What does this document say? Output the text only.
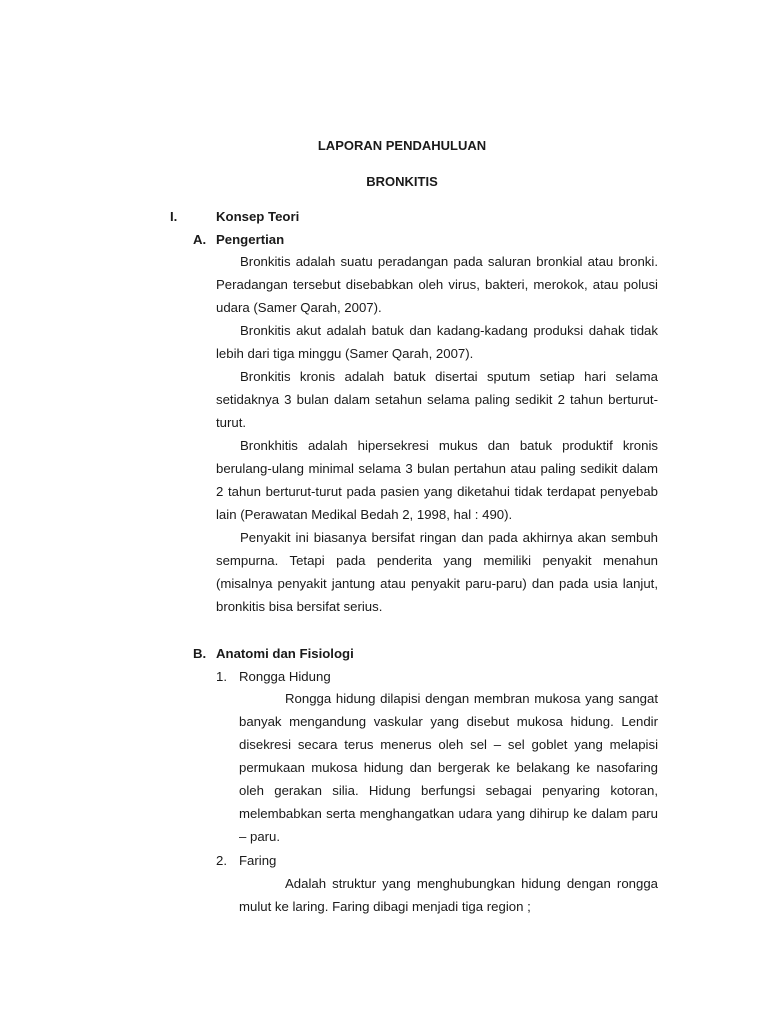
LAPORAN PENDAHULUAN

BRONKITIS

I.	Konsep Teori
A. Pengertian

Bronkitis adalah suatu peradangan pada saluran bronkial atau bronki. Peradangan tersebut disebabkan oleh virus, bakteri, merokok, atau polusi udara (Samer Qarah, 2007).

Bronkitis akut adalah batuk dan kadang-kadang produksi dahak tidak lebih dari tiga minggu (Samer Qarah, 2007).

Bronkitis kronis adalah batuk disertai sputum setiap hari selama setidaknya 3 bulan dalam setahun selama paling sedikit 2 tahun berturut-turut.

Bronkhitis adalah hipersekresi mukus dan batuk produktif kronis berulang-ulang minimal selama 3 bulan pertahun atau paling sedikit dalam 2 tahun berturut-turut pada pasien yang diketahui tidak terdapat penyebab lain (Perawatan Medikal Bedah 2, 1998, hal : 490).

Penyakit ini biasanya bersifat ringan dan pada akhirnya akan sembuh sempurna. Tetapi pada penderita yang memiliki penyakit menahun (misalnya penyakit jantung atau penyakit paru-paru) dan pada usia lanjut, bronkitis bisa bersifat serius.

B. Anatomi dan Fisiologi
1. Rongga Hidung

Rongga hidung dilapisi dengan membran mukosa yang sangat banyak mengandung vaskular yang disebut mukosa hidung. Lendir disekresi secara terus menerus oleh sel – sel goblet yang melapisi permukaan mukosa hidung dan bergerak ke belakang ke nasofaring oleh gerakan silia. Hidung berfungsi sebagai penyaring kotoran, melembabkan serta menghangatkan udara yang dihirup ke dalam paru – paru.

2. Faring

Adalah struktur yang menghubungkan hidung dengan rongga mulut ke laring. Faring dibagi menjadi tiga region ;
